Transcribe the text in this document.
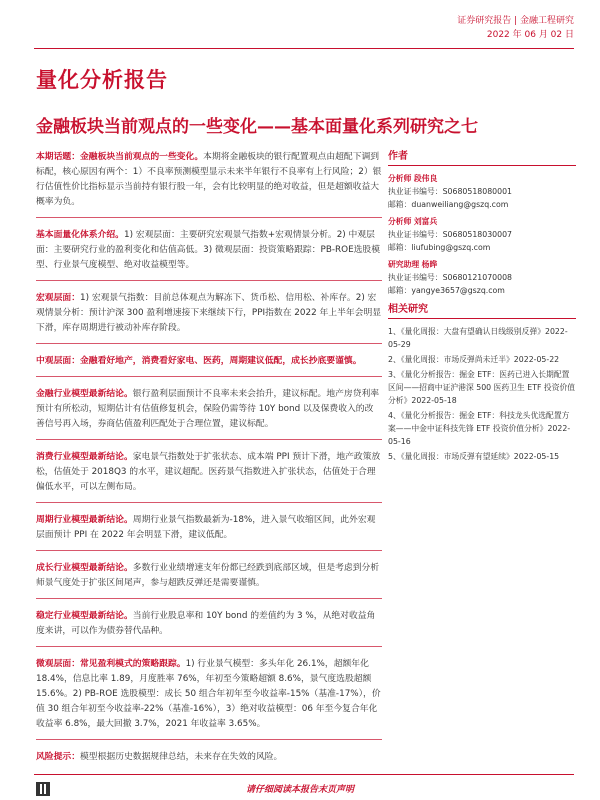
证券研究报告 | 金融工程研究
2022 年 06 月 02 日
量化分析报告
金融板块当前观点的一些变化——基本面量化系列研究之七

本期话题：金融板块当前观点的一些变化。本期将金融板块的银行配置观点由超配下调到标配，核心原因有两个：1）不良率预测模型显示未来半年银行不良率有上行风险；2）银行估值性价比指标显示当前持有银行股一年，会有比较明显的绝对收益，但是超额收益大概率为负。

基本面量化体系介绍。1) 宏观层面：主要研究宏观景气指数+宏观情景分析。2) 中观层面：主要研究行业的盈利变化和估值高低。3) 微观层面：投资策略跟踪：PB-ROE选股模型、行业景气度模型、绝对收益模型等。

宏观层面：1) 宏观景气指数：目前总体观点为解冻下、货币松、信用松、补库存。2) 宏观情景分析：预计沪深 300 盈利增速接下来继续下行，PPI指数在 2022 年上半年会明显下滑，库存周期进行被动补库存阶段。

中观层面：金融看好地产，消费看好家电、医药，周期建议低配，成长抄底要谨慎。

金融行业模型最新结论。银行盈利层面预计不良率未来会抬升，建议标配。地产房贷利率预计有所松动，短期估计有估值修复机会，保险仍需等待 10Y bond 以及保费收入的改善信号再入场，券商估值盈利匹配处于合理位置，建议标配。

消费行业模型最新结论。家电景气指数处于扩张状态、成本端 PPI 预计下滑，地产政策放松，估值处于 2018Q3 的水平，建议超配。医药景气指数进入扩张状态，估值处于合理偏低水平，可以左侧布局。

周期行业模型最新结论。周期行业景气指数最新为-18%，进入景气收缩区间，此外宏观层面预计 PPI 在 2022 年会明显下滑，建议低配。

成长行业模型最新结论。多数行业业绩增速支年份都已经跌到底部区域，但是考虑到分析师景气度处于扩张区间尾声，参与超跌反弹还是需要谨慎。

稳定行业模型最新结论。当前行业股息率和 10Y bond 的差值约为 3 %，从绝对收益角度来讲，可以作为债券替代品种。

微观层面：常见盈利模式的策略跟踪。1) 行业景气模型：多头年化 26.1%，超额年化 18.4%，信息比率 1.89，月度胜率 76%，年初至今策略超额 8.6%，景气度选股超额 15.6%。2) PB-ROE 选股模型：成长 50 组合年初年至今收益率-15%（基准-17%），价值 30 组合年初至今收益率-22%（基准-16%），3）绝对收益模型：06 年至今复合年化收益率 6.8%，最大回撤 3.7%，2021 年收益率 3.65%。

风险提示：模型根据历史数据规律总结，未来存在失效的风险。

作者
分析师 段伟良
执业证书编号：S0680518080001
邮箱：duanweiliang@gszq.com
分析师 刘富兵
执业证书编号：S0680518030007
邮箱：liufubing@gszq.com
研究助理 杨晔
执业证书编号：S0680121070008
邮箱：yangye3657@gszq.com
相关研究
1、《量化周报：大盘有望确认日线级别反弹》2022-05-29
2、《量化周报：市场反弹尚未迁半》2022-05-22
3、《量化分析报告：掘金 ETF：医药已进入长期配置区间——招商中证沪港深 500 医药卫生 ETF 投资价值分析》2022-05-18
4、《量化分析报告：掘金 ETF：科技龙头优选配置方案——中金中证科技先锋 ETF 投资价值分析》2022-05-16
5、《量化周报：市场反弹有望延续》2022-05-15
请仔细阅读本报告末页声明
